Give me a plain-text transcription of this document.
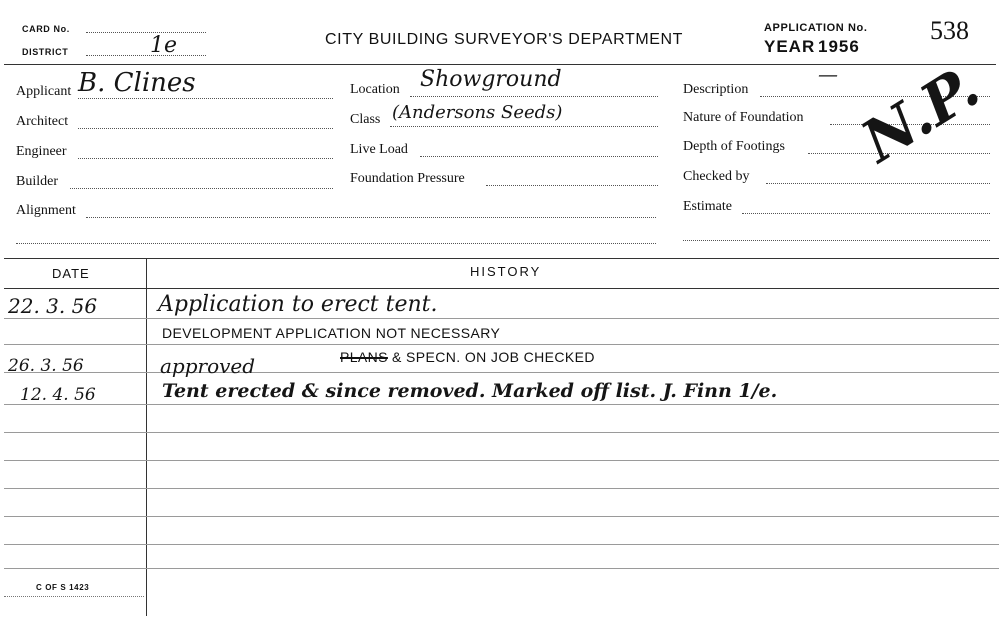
CARD No.
DISTRICT	1e	CITY BUILDING SURVEYOR'S DEPARTMENT
APPLICATION No. 538
YEAR 1956
Applicant B. Clines
Architect
Engineer
Builder
Alignment
Location Showground
Class (Andersons Seeds)
Live Load
Foundation Pressure
Description
—
Nature of Foundation
Depth of Footings
Checked by
Estimate
N.P.
DATE	HISTORY
22. 3. 56	Application to erect tent.
DEVELOPMENT APPLICATION NOT NECESSARY
26. 3. 56	approved	PLANS & SPECN. ON JOB CHECKED
12. 4. 56	Tent erected & since removed. Marked off list. J. Finn 1/e.
C OF S 1423
